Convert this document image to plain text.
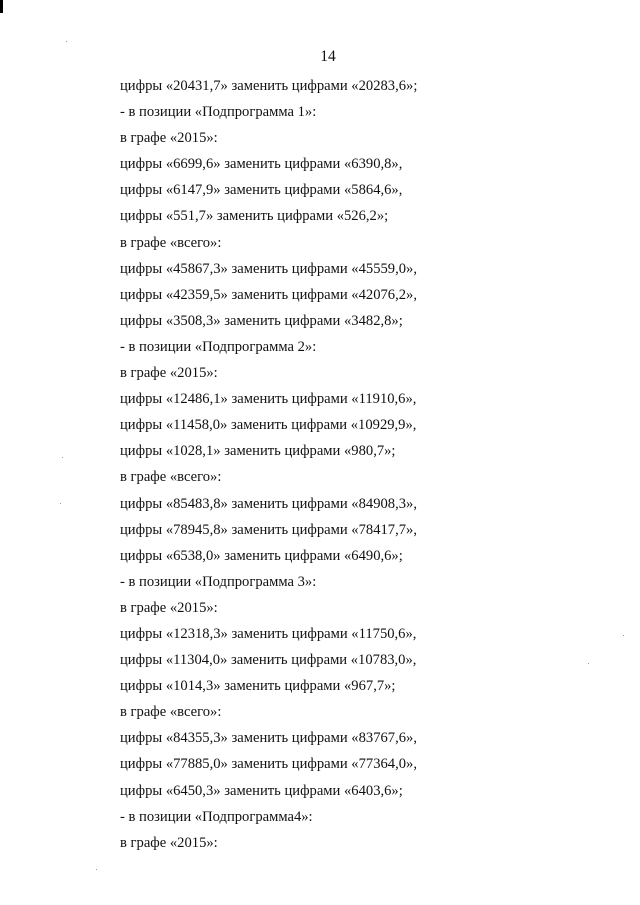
14
цифры «20431,7» заменить цифрами «20283,6»;
- в позиции «Подпрограмма 1»:
в графе «2015»:
цифры «6699,6» заменить цифрами «6390,8»,
цифры «6147,9» заменить цифрами «5864,6»,
цифры «551,7» заменить цифрами «526,2»;
в графе «всего»:
цифры «45867,3» заменить цифрами «45559,0»,
цифры «42359,5» заменить цифрами «42076,2»,
цифры «3508,3» заменить цифрами «3482,8»;
- в позиции «Подпрограмма 2»:
в графе «2015»:
цифры «12486,1» заменить цифрами «11910,6»,
цифры «11458,0» заменить цифрами «10929,9»,
цифры «1028,1» заменить цифрами «980,7»;
в графе «всего»:
цифры «85483,8» заменить цифрами «84908,3»,
цифры «78945,8» заменить цифрами «78417,7»,
цифры «6538,0» заменить цифрами «6490,6»;
- в позиции «Подпрограмма 3»:
в графе «2015»:
цифры «12318,3» заменить цифрами «11750,6»,
цифры «11304,0» заменить цифрами «10783,0»,
цифры «1014,3» заменить цифрами «967,7»;
в графе «всего»:
цифры «84355,3» заменить цифрами «83767,6»,
цифры «77885,0» заменить цифрами «77364,0»,
цифры «6450,3» заменить цифрами «6403,6»;
- в позиции «Подпрограмма4»:
в графе «2015»:
